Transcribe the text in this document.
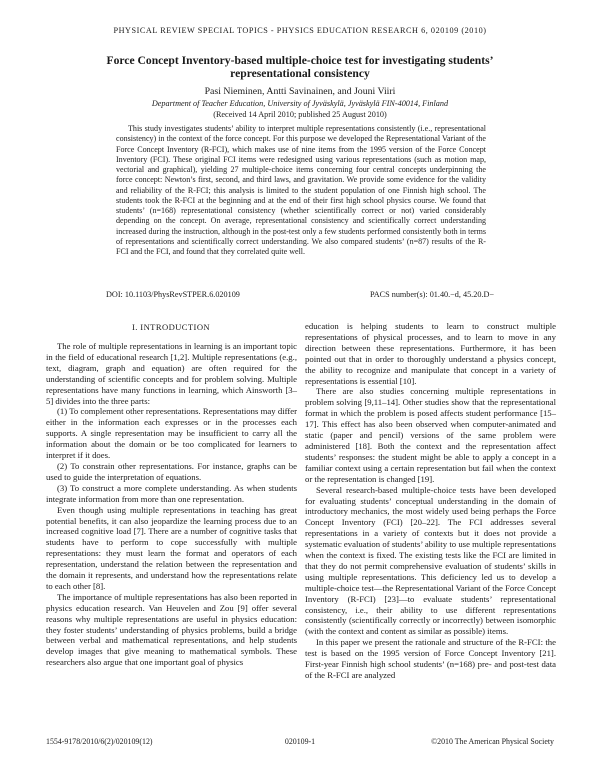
PHYSICAL REVIEW SPECIAL TOPICS - PHYSICS EDUCATION RESEARCH 6, 020109 (2010)
Force Concept Inventory-based multiple-choice test for investigating students’ representational consistency
Pasi Nieminen, Antti Savinainen, and Jouni Viiri
Department of Teacher Education, University of Jyväskylä, Jyväskylä FIN-40014, Finland
(Received 14 April 2010; published 25 August 2010)

This study investigates students’ ability to interpret multiple representations consistently (i.e., representational consistency) in the context of the force concept. For this purpose we developed the Representational Variant of the Force Concept Inventory (R-FCI), which makes use of nine items from the 1995 version of the Force Concept Inventory (FCI). These original FCI items were redesigned using various representations (such as motion map, vectorial and graphical), yielding 27 multiple-choice items concerning four central concepts underpinning the force concept: Newton’s first, second, and third laws, and gravitation. We provide some evidence for the validity and reliability of the R-FCI; this analysis is limited to the student population of one Finnish high school. The students took the R-FCI at the beginning and at the end of their first high school physics course. We found that students’ (n=168) representational consistency (whether scientifically correct or not) varied considerably depending on the concept. On average, representational consistency and scientifically correct understanding increased during the instruction, although in the post-test only a few students performed consistently both in terms of representations and scientifically correct understanding. We also compared students’ (n=87) results of the R-FCI and the FCI, and found that they correlated quite well.

DOI: 10.1103/PhysRevSTPER.6.020109	PACS number(s): 01.40.−d, 45.20.D−
I. INTRODUCTION

The role of multiple representations in learning is an important topic in the field of educational research [1,2]. Multiple representations (e.g., text, diagram, graph and equation) are often required for the understanding of scientific concepts and for problem solving. Multiple representations have many functions in learning, which Ainsworth [3–5] divides into the three parts:

(1) To complement other representations. Representations may differ either in the information each expresses or in the processes each supports. A single representation may be insufficient to carry all the information about the domain or be too complicated for learners to interpret if it does.

(2) To constrain other representations. For instance, graphs can be used to guide the interpretation of equations.

(3) To construct a more complete understanding. As when students integrate information from more than one representation.

Even though using multiple representations in teaching has great potential benefits, it can also jeopardize the learning process due to an increased cognitive load [7]. There are a number of cognitive tasks that students have to perform to cope successfully with multiple representations: they must learn the format and operators of each representation, understand the relation between the representation and the domain it represents, and understand how the representations relate to each other [8].

The importance of multiple representations has also been reported in physics education research. Van Heuvelen and Zou [9] offer several reasons why multiple representations are useful in physics education: they foster students’ understanding of physics problems, build a bridge between verbal and mathematical representations, and help students develop images that give meaning to mathematical symbols. These researchers also argue that one important goal of physics

education is helping students to learn to construct multiple representations of physical processes, and to learn to move in any direction between these representations. Furthermore, it has been pointed out that in order to thoroughly understand a physics concept, the ability to recognize and manipulate that concept in a variety of representations is essential [10].

There are also studies concerning multiple representations in problem solving [9,11–14]. Other studies show that the representational format in which the problem is posed affects student performance [15–17]. This effect has also been observed when computer-animated and static (paper and pencil) versions of the same problem were administered [18]. Both the context and the representation affect students’ responses: the student might be able to apply a concept in a familiar context using a certain representation but fail when the context or the representation is changed [19].

Several research-based multiple-choice tests have been developed for evaluating students’ conceptual understanding in the domain of introductory mechanics, the most widely used being perhaps the Force Concept Inventory (FCI) [20–22]. The FCI addresses several representations in a variety of contexts but it does not provide a systematic evaluation of students’ ability to use multiple representations when the context is fixed. The existing tests like the FCI are limited in that they do not permit comprehensive evaluation of students’ skills in using multiple representations. This deficiency led us to develop a multiple-choice test—the Representational Variant of the Force Concept Inventory (R-FCI) [23]—to evaluate students’ representational consistency, i.e., their ability to use different representations consistently (scientifically correctly or incorrectly) between isomorphic (with the context and content as similar as possible) items.

In this paper we present the rationale and structure of the R-FCI: the test is based on the 1995 version of Force Concept Inventory [21]. First-year Finnish high school students’ (n=168) pre- and post-test data of the R-FCI are analyzed

1554-9178/2010/6(2)/020109(12)	020109-1	©2010 The American Physical Society
